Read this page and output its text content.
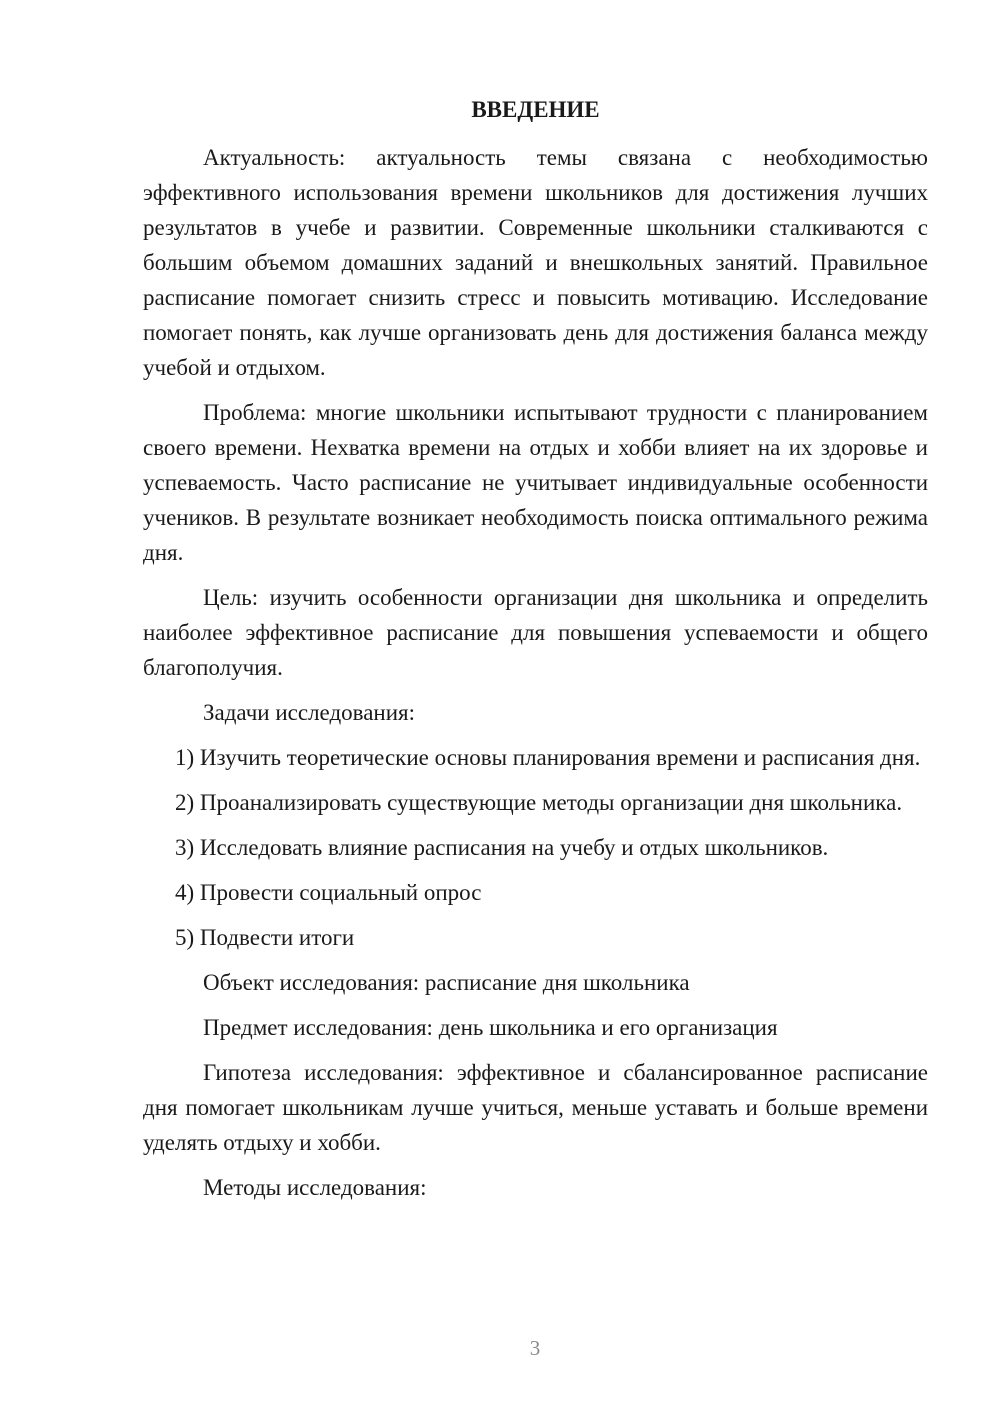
ВВЕДЕНИЕ

Актуальность: актуальность темы связана с необходимостью эффективного использования времени школьников для достижения лучших результатов в учебе и развитии. Современные школьники сталкиваются с большим объемом домашних заданий и внешкольных занятий. Правильное расписание помогает снизить стресс и повысить мотивацию. Исследование помогает понять, как лучше организовать день для достижения баланса между учебой и отдыхом.

Проблема: многие школьники испытывают трудности с планированием своего времени. Нехватка времени на отдых и хобби влияет на их здоровье и успеваемость. Часто расписание не учитывает индивидуальные особенности учеников. В результате возникает необходимость поиска оптимального режима дня.

Цель: изучить особенности организации дня школьника и определить наиболее эффективное расписание для повышения успеваемости и общего благополучия.

Задачи исследования:

1) Изучить теоретические основы планирования времени и расписания дня.

2) Проанализировать существующие методы организации дня школьника.

3) Исследовать влияние расписания на учебу и отдых школьников.

4) Провести социальный опрос

5) Подвести итоги

Объект исследования: расписание дня школьника

Предмет исследования: день школьника и его организация

Гипотеза исследования: эффективное и сбалансированное расписание дня помогает школьникам лучше учиться, меньше уставать и больше времени уделять отдыху и хобби.

Методы исследования:

3
